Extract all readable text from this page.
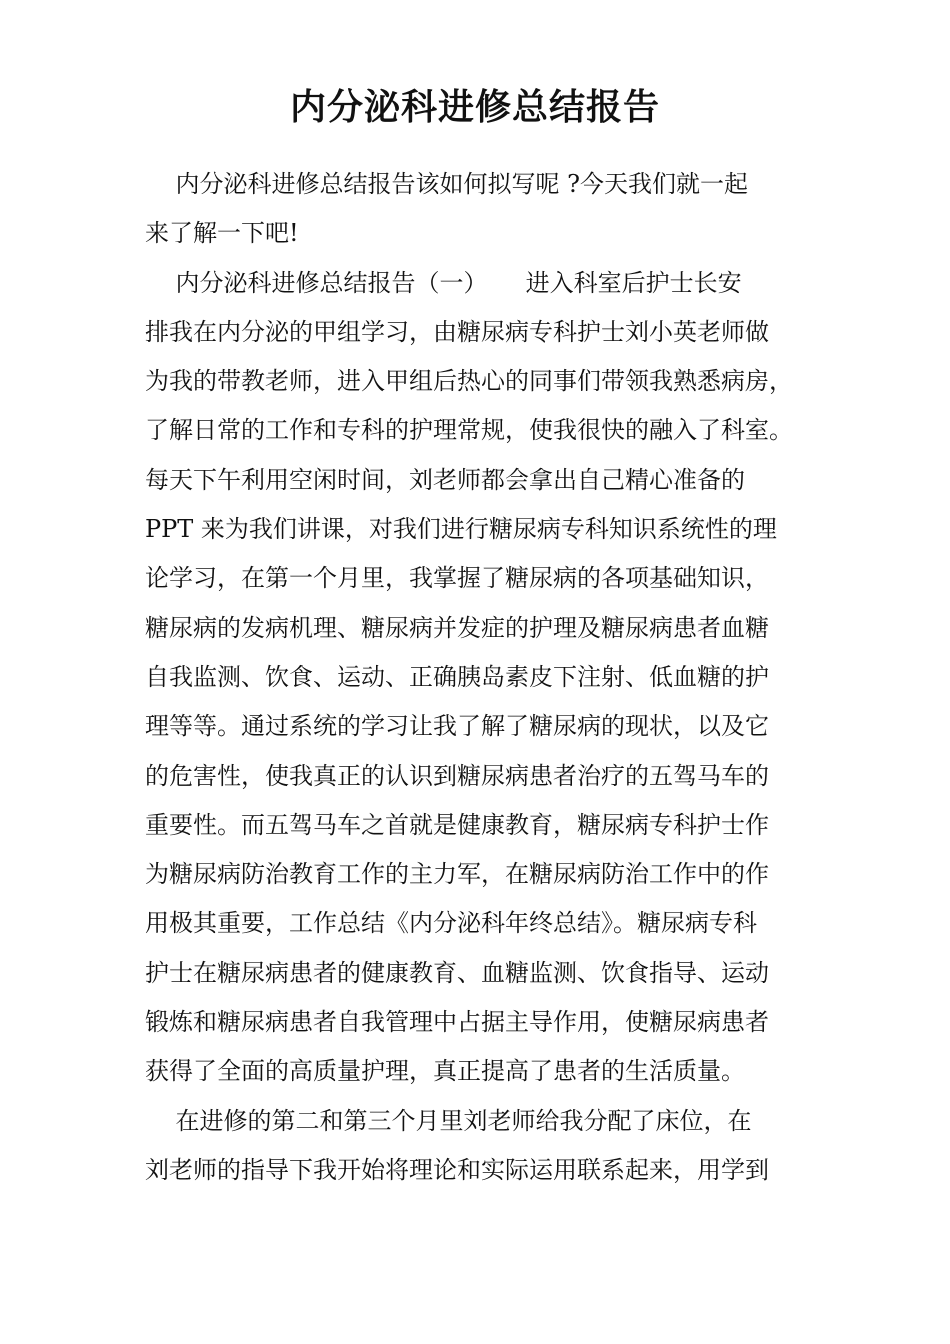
内分泌科进修总结报告
内分泌科进修总结报告该如何拟写呢 ?今天我们就一起
来了解一下吧!
内分泌科进修总结报告（一）     进入科室后护士长安
排我在内分泌的甲组学习，由糖尿病专科护士刘小英老师做
为我的带教老师，进入甲组后热心的同事们带领我熟悉病房，
了解日常的工作和专科的护理常规，使我很快的融入了科室。
每天下午利用空闲时间，刘老师都会拿出自己精心准备的
PPT 来为我们讲课，对我们进行糖尿病专科知识系统性的理
论学习，在第一个月里，我掌握了糖尿病的各项基础知识，
糖尿病的发病机理、糖尿病并发症的护理及糖尿病患者血糖
自我监测、饮食、运动、正确胰岛素皮下注射、低血糖的护
理等等。通过系统的学习让我了解了糖尿病的现状，以及它
的危害性，使我真正的认识到糖尿病患者治疗的五驾马车的
重要性。而五驾马车之首就是健康教育，糖尿病专科护士作
为糖尿病防治教育工作的主力军，在糖尿病防治工作中的作
用极其重要，工作总结《内分泌科年终总结》。糖尿病专科
护士在糖尿病患者的健康教育、血糖监测、饮食指导、运动
锻炼和糖尿病患者自我管理中占据主导作用，使糖尿病患者
获得了全面的高质量护理，真正提高了患者的生活质量。
在进修的第二和第三个月里刘老师给我分配了床位，在
刘老师的指导下我开始将理论和实际运用联系起来，用学到
